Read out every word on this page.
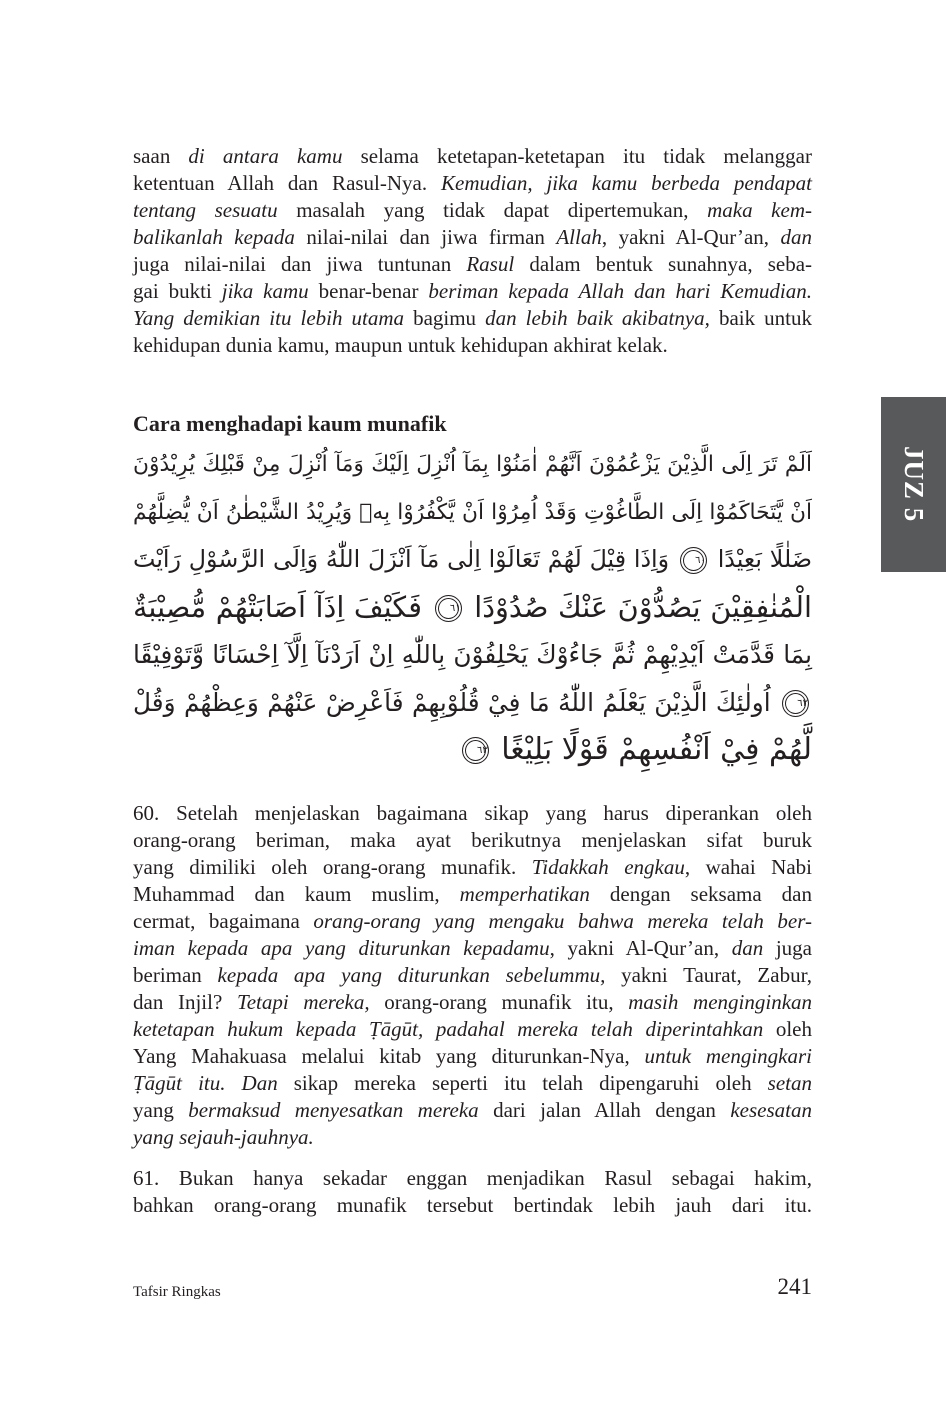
saan di antara kamu selama ketetapan-ketetapan itu tidak melanggar
ketentuan Allah dan Rasul-Nya. Kemudian, jika kamu berbeda pendapat
tentang sesuatu masalah yang tidak dapat dipertemukan, maka kem-
balikanlah kepada nilai-nilai dan jiwa firman Allah, yakni Al-Qur’an, dan
juga nilai-nilai dan jiwa tuntunan Rasul dalam bentuk sunahnya, seba-
gai bukti jika kamu benar-benar beriman kepada Allah dan hari Kemudian.
Yang demikian itu lebih utama bagimu dan lebih baik akibatnya, baik untuk
kehidupan dunia kamu, maupun untuk kehidupan akhirat kelak.
Cara menghadapi kaum munafik
اَلَمْ تَرَ اِلَى الَّذِيْنَ يَزْعُمُوْنَ اَنَّهُمْ اٰمَنُوْا بِمَآ اُنْزِلَ اِلَيْكَ وَمَآ اُنْزِلَ مِنْ قَبْلِكَ يُرِيْدُوْنَ
اَنْ يَّتَحَاكَمُوْا اِلَى الطَّاغُوْتِ وَقَدْ اُمِرُوْا اَنْ يَّكْفُرُوْا بِهٖ وَيُرِيْدُ الشَّيْطٰنُ اَنْ يُّضِلَّهُمْ
ضَلٰلًا بَعِيْدًا ٦٠ وَاِذَا قِيْلَ لَهُمْ تَعَالَوْا اِلٰى مَآ اَنْزَلَ اللّٰهُ وَاِلَى الرَّسُوْلِ رَاَيْتَ
الْمُنٰفِقِيْنَ يَصُدُّوْنَ عَنْكَ صُدُوْدًا ٦١ فَكَيْفَ اِذَآ اَصَابَتْهُمْ مُّصِيْبَةٌ
بِمَا قَدَّمَتْ اَيْدِيْهِمْ ثُمَّ جَاءُوْكَ يَحْلِفُوْنَ بِاللّٰهِ اِنْ اَرَدْنَآ اِلَّآ اِحْسَانًا وَّتَوْفِيْقًا
٦٢ اُولٰئِكَ الَّذِيْنَ يَعْلَمُ اللّٰهُ مَا فِيْ قُلُوْبِهِمْ فَاَعْرِضْ عَنْهُمْ وَعِظْهُمْ وَقُلْ
لَّهُمْ فِيْ اَنْفُسِهِمْ قَوْلًا بَلِيْغًا ٦٣
60. Setelah menjelaskan bagaimana sikap yang harus diperankan oleh
orang-orang beriman, maka ayat berikutnya menjelaskan sifat buruk
yang dimiliki oleh orang-orang munafik. Tidakkah engkau, wahai Nabi
Muhammad dan kaum muslim, memperhatikan dengan seksama dan
cermat, bagaimana orang-orang yang mengaku bahwa mereka telah ber-
iman kepada apa yang diturunkan kepadamu, yakni Al-Qur’an, dan juga
beriman kepada apa yang diturunkan sebelummu, yakni Taurat, Zabur,
dan Injil? Tetapi mereka, orang-orang munafik itu, masih menginginkan
ketetapan hukum kepada Ṭāgūt, padahal mereka telah diperintahkan oleh
Yang Mahakuasa melalui kitab yang diturunkan-Nya, untuk mengingkari
Ṭāgūt itu. Dan sikap mereka seperti itu telah dipengaruhi oleh setan
yang bermaksud menyesatkan mereka dari jalan Allah dengan kesesatan
yang sejauh-jauhnya.
61. Bukan hanya sekadar enggan menjadikan Rasul sebagai hakim,
bahkan orang-orang munafik tersebut bertindak lebih jauh dari itu.
Tafsir Ringkas	241
JUZ 5
